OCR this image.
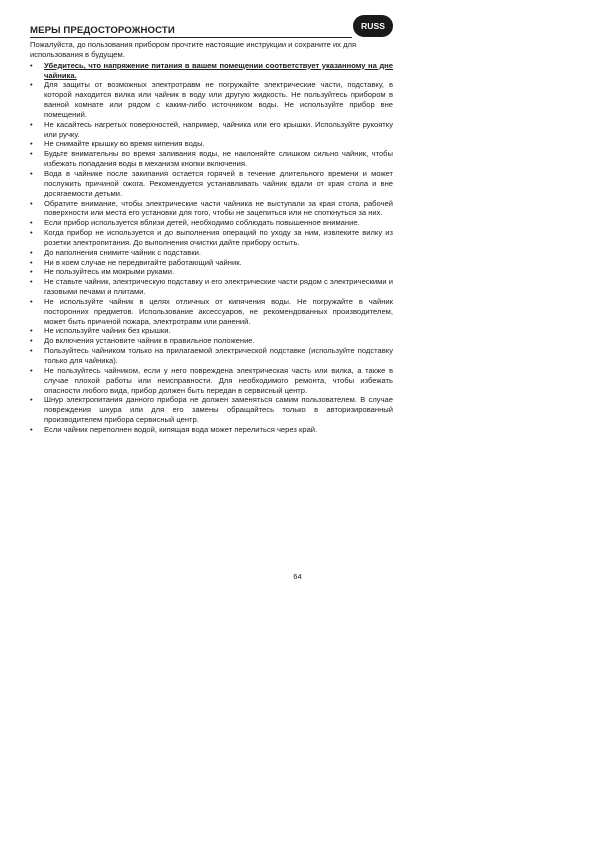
RUSS
МЕРЫ ПРЕДОСТОРОЖНОСТИ
Пожалуйста, до пользования прибором прочтите настоящие инструкции и сохраните их для использования в будущем.
• Убедитесь, что напряжение питания в вашем помещении соответствует указанному на дне чайника.
• Для защиты от возможных электротравм не погружайте электрические части, подставку, в которой находится вилка или чайник в воду или другую жидкость. Не пользуйтесь прибором в ванной комнате или рядом с каким-либо источником воды. Не используйте прибор вне помещений.
• Не касайтесь нагретых поверхностей, например, чайника или его крышки. Используйте рукоятку или ручку.
• Не снимайте крышку во время кипения воды.
• Будьте внимательны во время заливания воды, не наклоняйте слишком сильно чайник, чтобы избежать попадания воды в механизм кнопки включения.
• Вода в чайнике после закипания остается горячей в течение длительного времени и может послужить причиной ожога. Рекомендуется устанавливать чайник вдали от края стола и вне досягаемости детьми.
• Обратите внимание, чтобы электрические части чайника не выступали за края стола, рабочей поверхности или места его установки для того, чтобы не зацепиться или не споткнуться за них.
• Если прибор используется вблизи детей, необходимо соблюдать повышенное внимание.
• Когда прибор не используется и до выполнения операций по уходу за ним, извлеките вилку из розетки электропитания. До выполнения очистки дайте прибору остыть.
• До наполнения снимите чайник с подставки.
• Ни в коем случае не передвигайте работающий чайник.
• Не пользуйтесь им мокрыми руками.
• Не ставьте чайник, электрическую подставку и его электрические части рядом с электрическими и газовыми печами и плитами.
• Не используйте чайник в целях отличных от кипячения воды. Не погружайте в чайник посторонних предметов. Использование аксессуаров, не рекомендованных производителем, может быть причиной пожара, электротравм или ранений.
• Не используйте чайник без крышки.
• До включения установите чайник в правильное положение.
• Пользуйтесь чайником только на прилагаемой электрической подставке (используйте подставку только для чайника).
• Не пользуйтесь чайником, если у него повреждена электрическая часть или вилка, а также в случае плохой работы или неисправности. Для необходимого ремонта, чтобы избежать опасности любого вида, прибор должен быть передан в сервисный центр.
• Шнур электропитания данного прибора не должен заменяться самим пользователем. В случае повреждения шнура или для его замены обращайтесь только в авторизированный производителем прибора сервисный центр.
• Если чайник переполнен водой, кипящая вода может перелиться через край.
64
